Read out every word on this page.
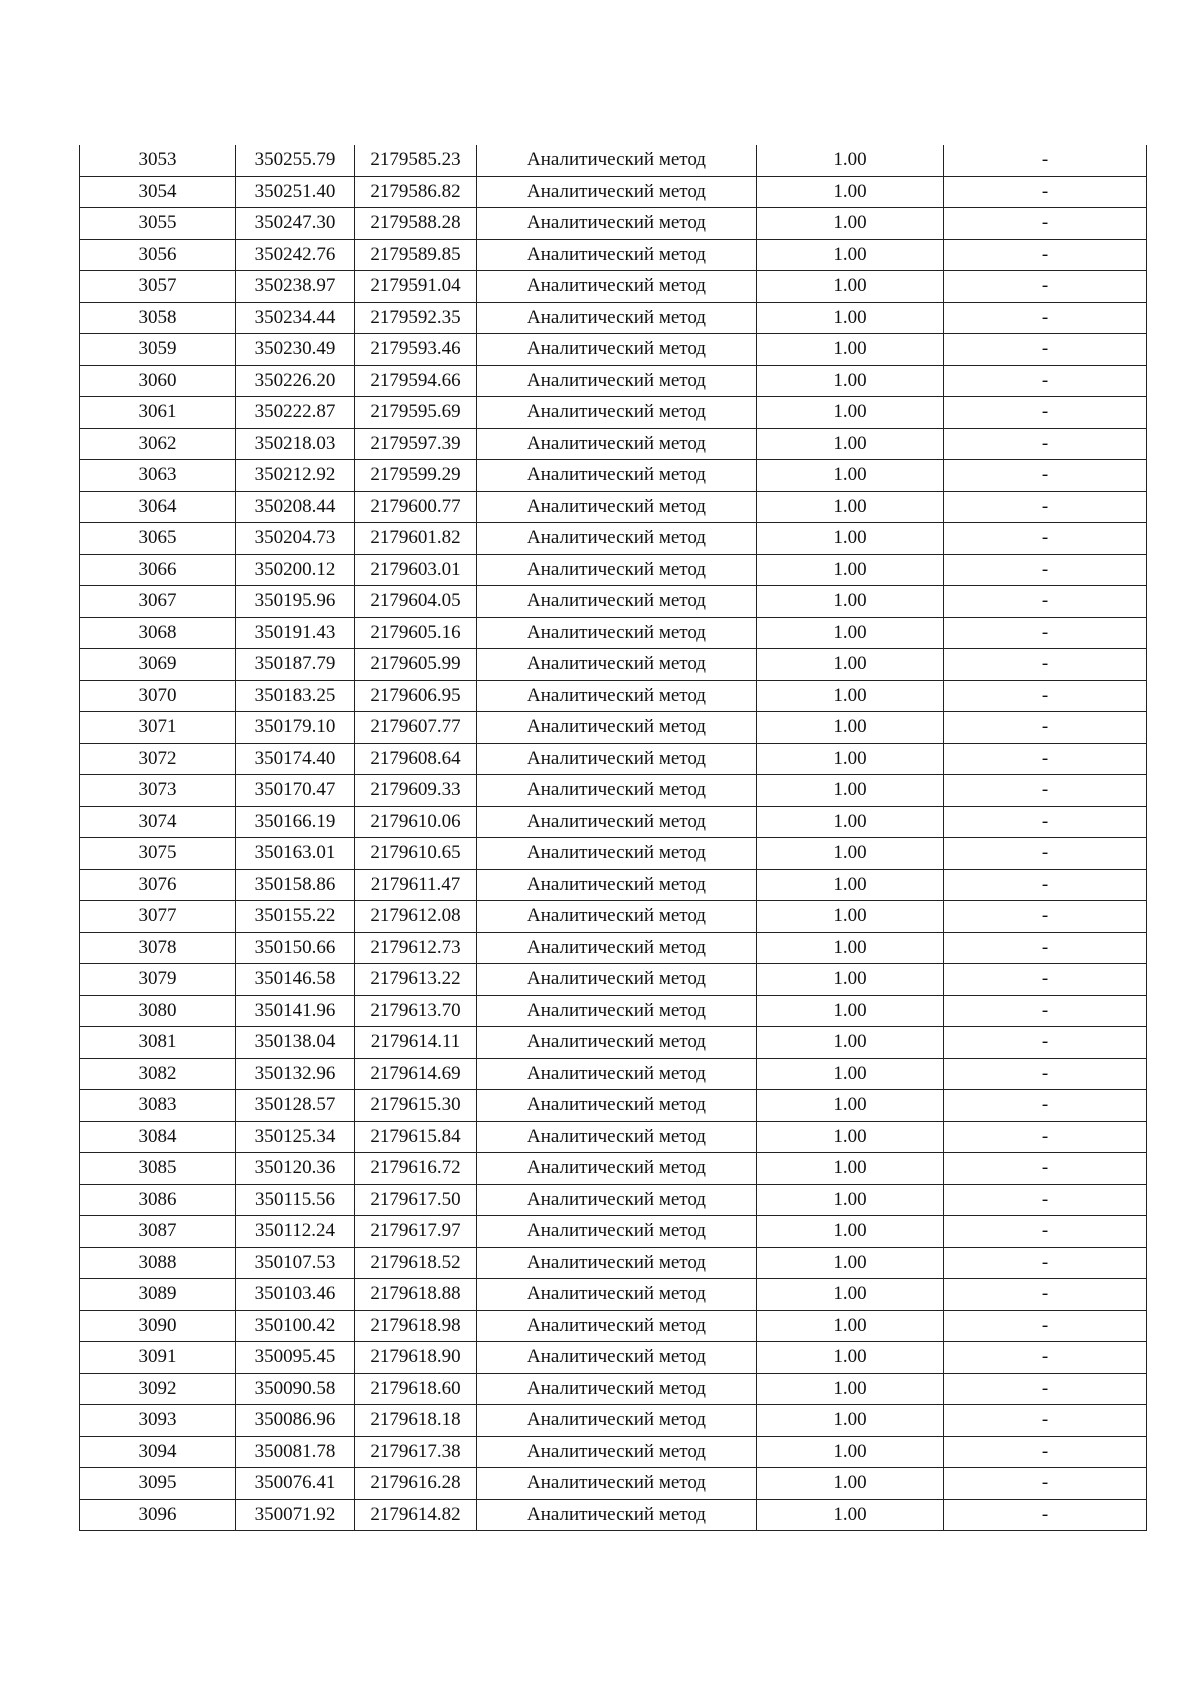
3053	350255.79	2179585.23	Аналитический метод	1.00	-
3054	350251.40	2179586.82	Аналитический метод	1.00	-
3055	350247.30	2179588.28	Аналитический метод	1.00	-
3056	350242.76	2179589.85	Аналитический метод	1.00	-
3057	350238.97	2179591.04	Аналитический метод	1.00	-
3058	350234.44	2179592.35	Аналитический метод	1.00	-
3059	350230.49	2179593.46	Аналитический метод	1.00	-
3060	350226.20	2179594.66	Аналитический метод	1.00	-
3061	350222.87	2179595.69	Аналитический метод	1.00	-
3062	350218.03	2179597.39	Аналитический метод	1.00	-
3063	350212.92	2179599.29	Аналитический метод	1.00	-
3064	350208.44	2179600.77	Аналитический метод	1.00	-
3065	350204.73	2179601.82	Аналитический метод	1.00	-
3066	350200.12	2179603.01	Аналитический метод	1.00	-
3067	350195.96	2179604.05	Аналитический метод	1.00	-
3068	350191.43	2179605.16	Аналитический метод	1.00	-
3069	350187.79	2179605.99	Аналитический метод	1.00	-
3070	350183.25	2179606.95	Аналитический метод	1.00	-
3071	350179.10	2179607.77	Аналитический метод	1.00	-
3072	350174.40	2179608.64	Аналитический метод	1.00	-
3073	350170.47	2179609.33	Аналитический метод	1.00	-
3074	350166.19	2179610.06	Аналитический метод	1.00	-
3075	350163.01	2179610.65	Аналитический метод	1.00	-
3076	350158.86	2179611.47	Аналитический метод	1.00	-
3077	350155.22	2179612.08	Аналитический метод	1.00	-
3078	350150.66	2179612.73	Аналитический метод	1.00	-
3079	350146.58	2179613.22	Аналитический метод	1.00	-
3080	350141.96	2179613.70	Аналитический метод	1.00	-
3081	350138.04	2179614.11	Аналитический метод	1.00	-
3082	350132.96	2179614.69	Аналитический метод	1.00	-
3083	350128.57	2179615.30	Аналитический метод	1.00	-
3084	350125.34	2179615.84	Аналитический метод	1.00	-
3085	350120.36	2179616.72	Аналитический метод	1.00	-
3086	350115.56	2179617.50	Аналитический метод	1.00	-
3087	350112.24	2179617.97	Аналитический метод	1.00	-
3088	350107.53	2179618.52	Аналитический метод	1.00	-
3089	350103.46	2179618.88	Аналитический метод	1.00	-
3090	350100.42	2179618.98	Аналитический метод	1.00	-
3091	350095.45	2179618.90	Аналитический метод	1.00	-
3092	350090.58	2179618.60	Аналитический метод	1.00	-
3093	350086.96	2179618.18	Аналитический метод	1.00	-
3094	350081.78	2179617.38	Аналитический метод	1.00	-
3095	350076.41	2179616.28	Аналитический метод	1.00	-
3096	350071.92	2179614.82	Аналитический метод	1.00	-
